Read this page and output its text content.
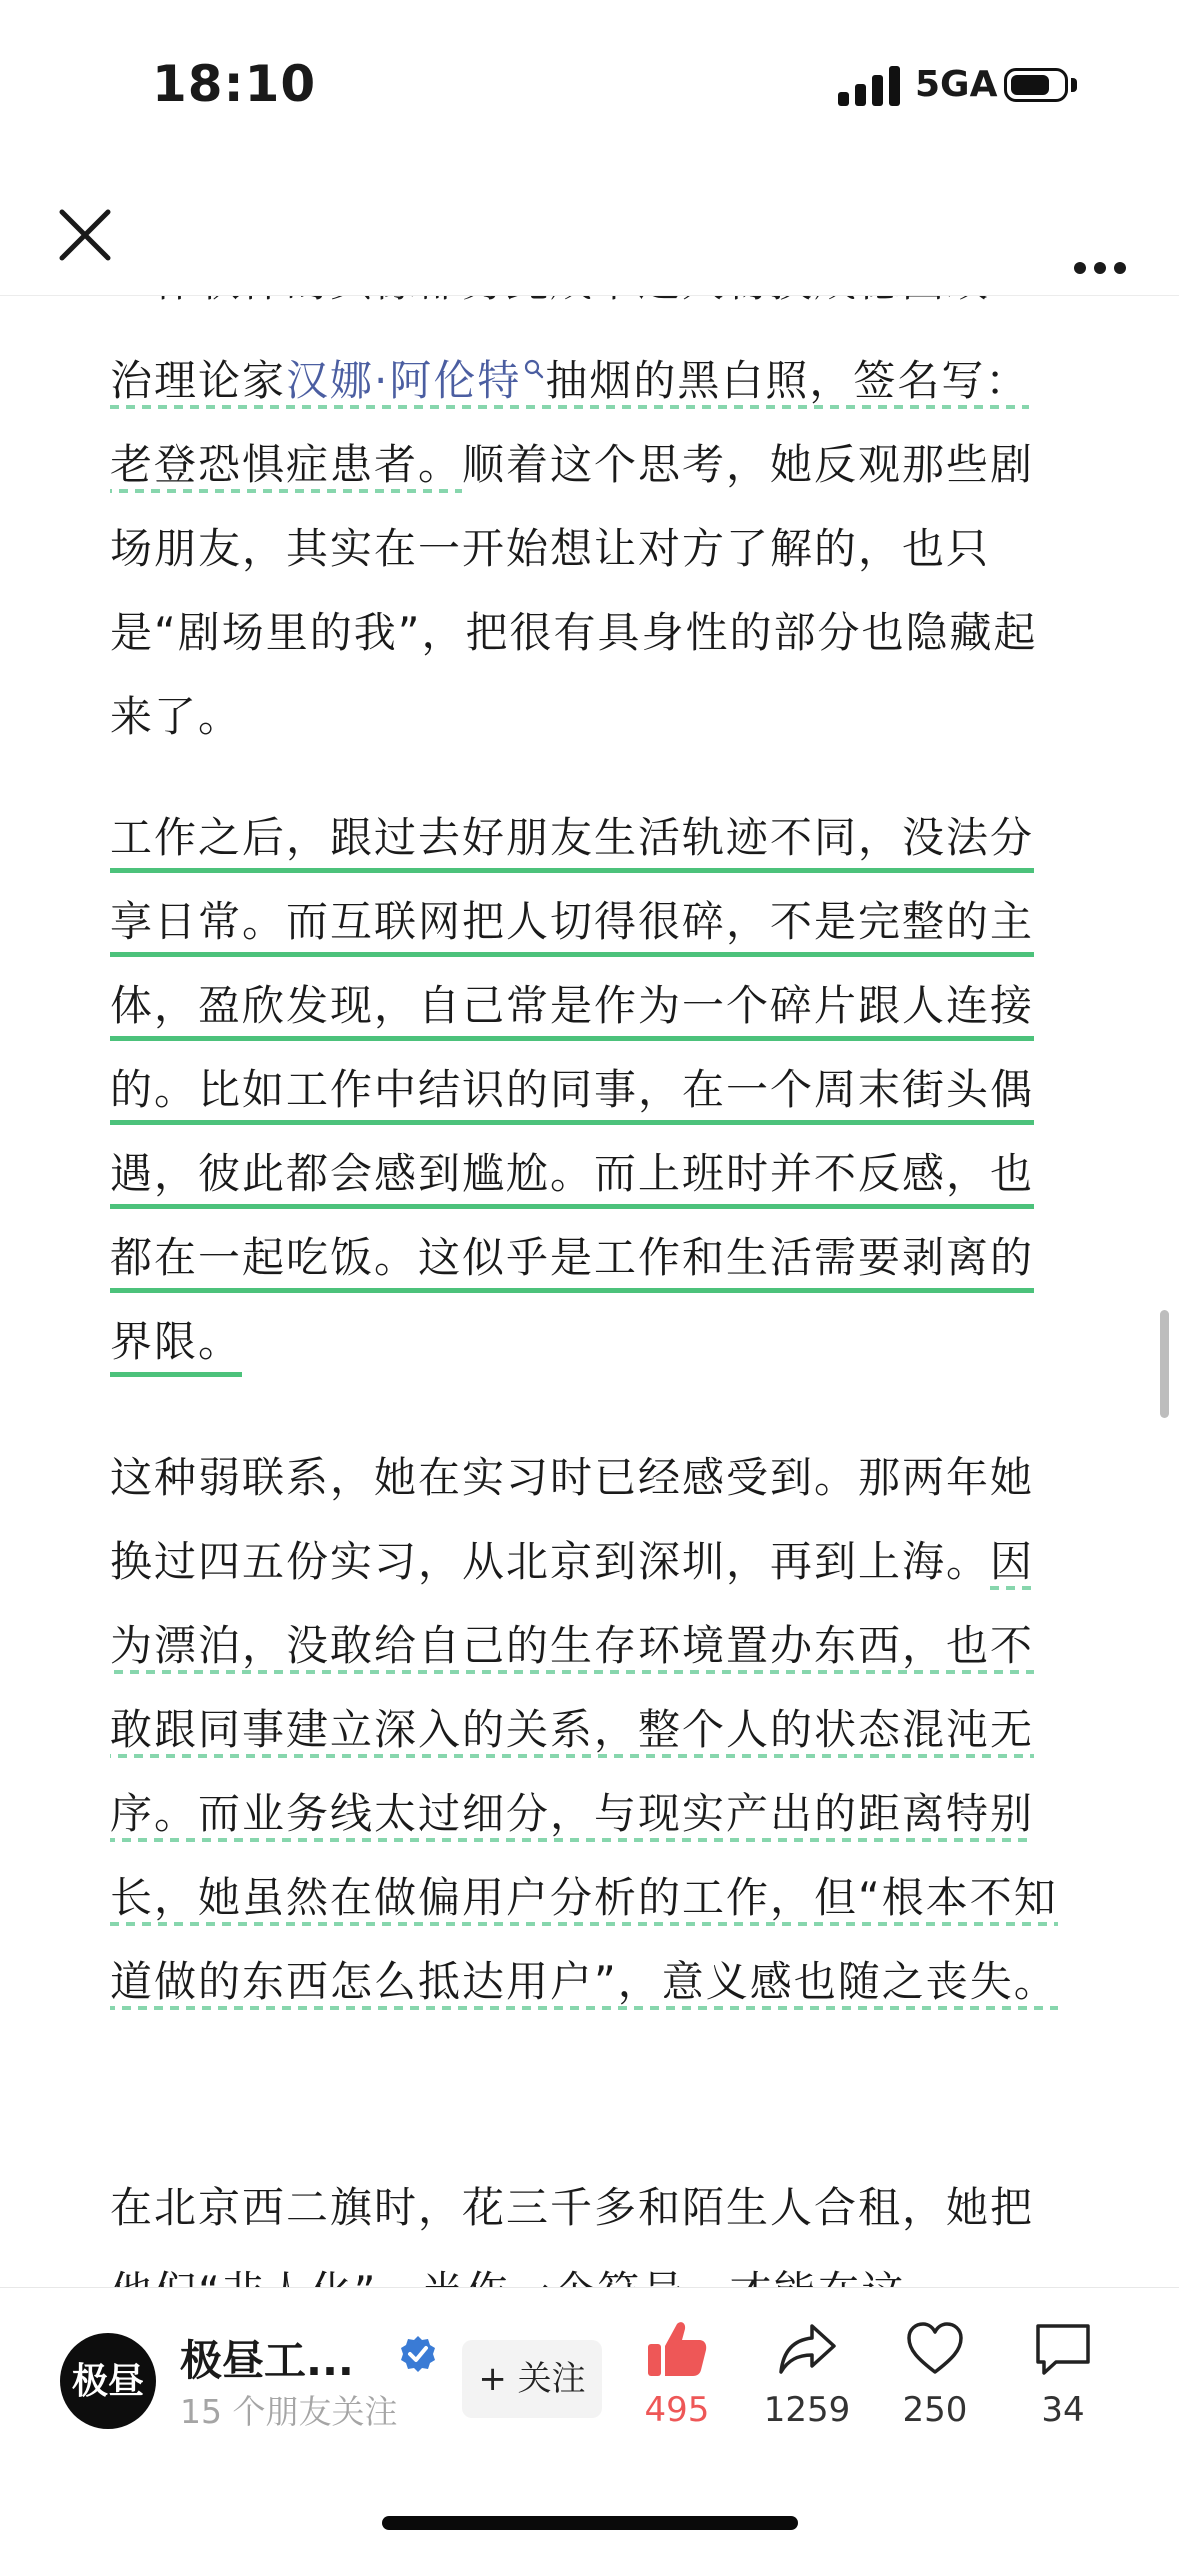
18:10	5GA

治理论家汉娜·阿伦特 抽烟的黑白照，签名写：老登恐惧症患者。顺着这个思考，她反观那些剧场朋友，其实在一开始想让对方了解的，也只是“剧场里的我”，把很有具身性的部分也隐藏起来了。

工作之后，跟过去好朋友生活轨迹不同，没法分享日常。而互联网把人切得很碎，不是完整的主体，盈欣发现，自己常是作为一个碎片跟人连接的。比如工作中结识的同事，在一个周末街头偶遇，彼此都会感到尴尬。而上班时并不反感，也都在一起吃饭。这似乎是工作和生活需要剥离的界限。

这种弱联系，她在实习时已经感受到。那两年她换过四五份实习，从北京到深圳，再到上海。因为漂泊，没敢给自己的生存环境置办东西，也不敢跟同事建立深入的关系，整个人的状态混沌无序。而业务线太过细分，与现实产出的距离特别长，她虽然在做偏用户分析的工作，但“根本不知道做的东西怎么抵达用户”，意义感也随之丧失。

在北京西二旗时，花三千多和陌生人合租，她把

极昼 极昼工...
15 个朋友关注
+ 关注
495	1259	250	34
